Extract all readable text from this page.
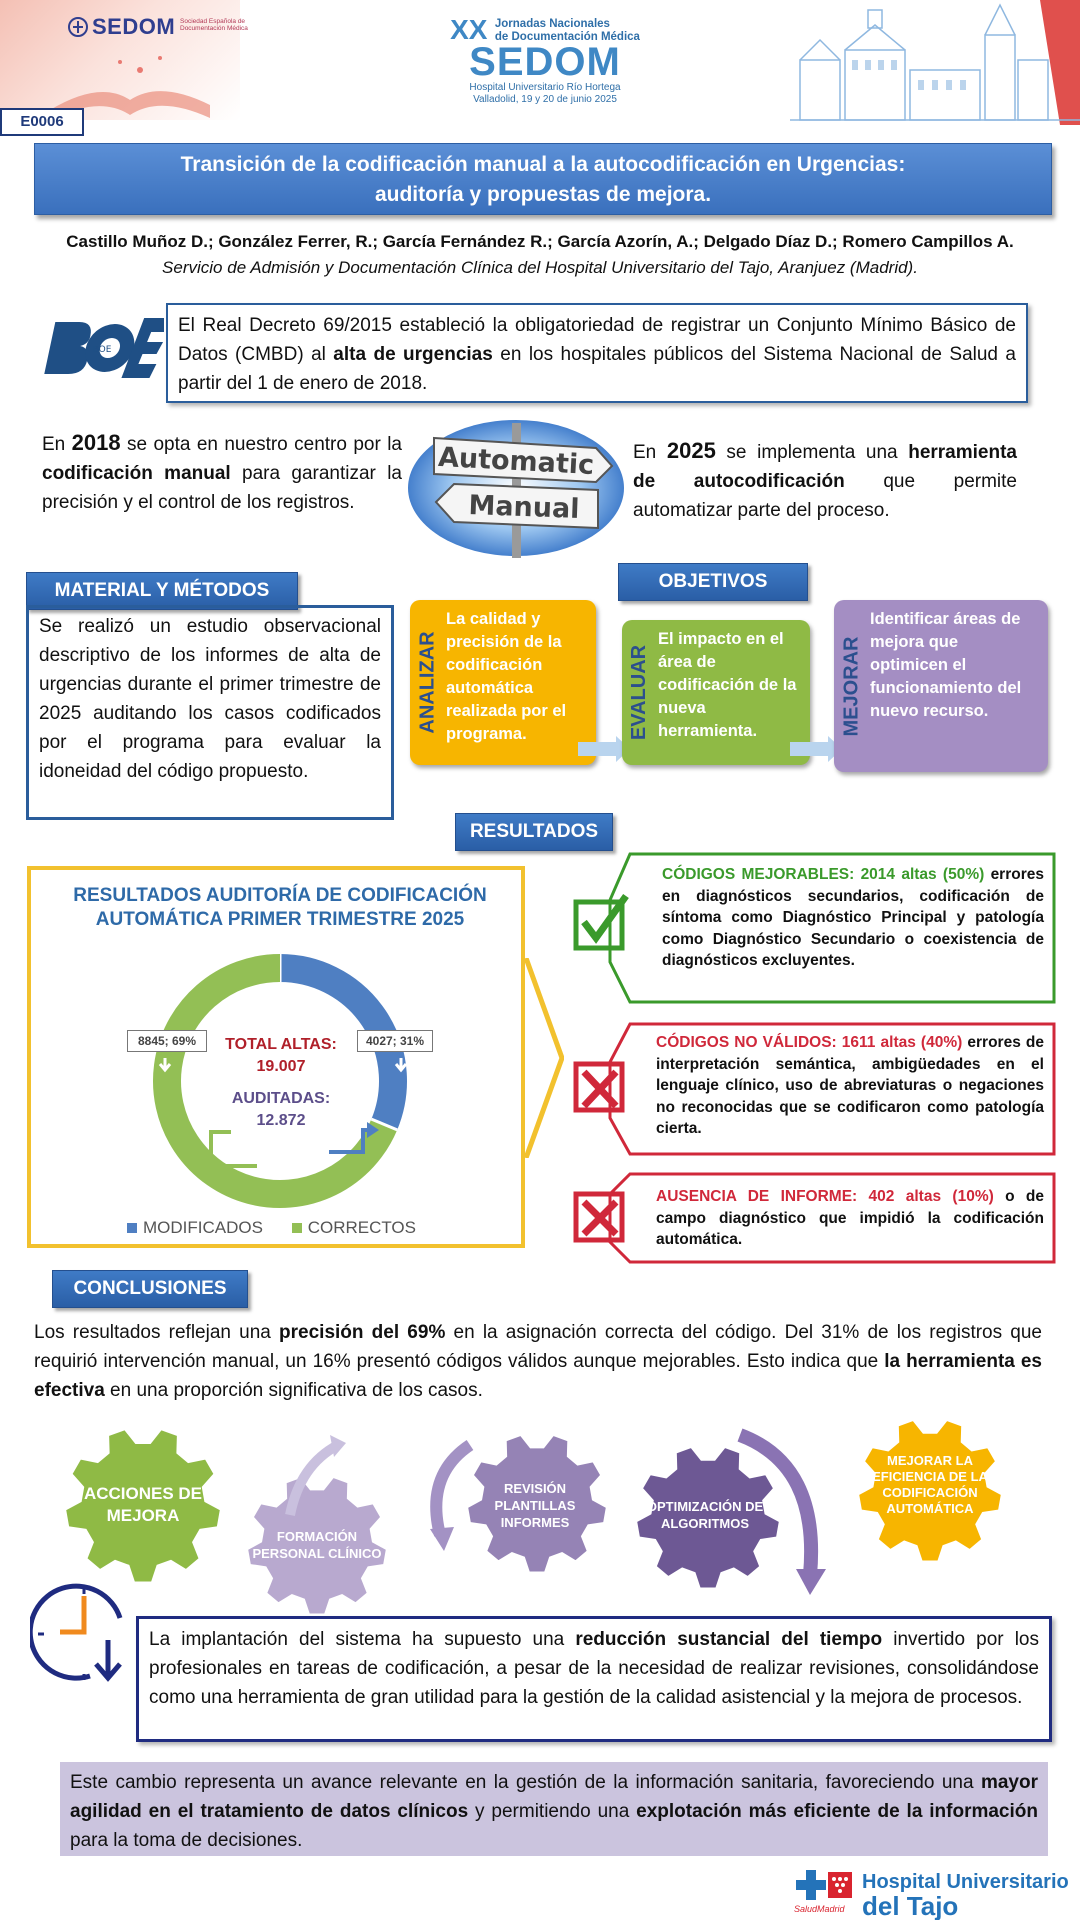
SEDOM Sociedad Española de Documentación Médica	XX Jornadas Nacionales
de Documentación Médica
SEDOM
Hospital Universitario Río Hortega
Valladolid, 19 y 20 de junio 2025
E0006
Transición de la codificación manual a la autocodificación en Urgencias:
auditoría y propuestas de mejora.
Castillo Muñoz D.; González Ferrer, R.; García Fernández R.; García Azorín, A.; Delgado Díaz D.; Romero Campillos A.
Servicio de Admisión y Documentación Clínica del Hospital Universitario del Tajo, Aranjuez (Madrid).
BOE
El Real Decreto 69/2015 estableció la obligatoriedad de registrar un Conjunto Mínimo Básico de Datos (CMBD) al alta de urgencias en los hospitales públicos del Sistema Nacional de Salud a partir del 1 de enero de 2018.
En 2018 se opta en nuestro centro por la codificación manual para garantizar la precisión y el control de los registros.
Automatic
Manual
En 2025 se implementa una herramienta de autocodificación que permite automatizar parte del proceso.
MATERIAL Y MÉTODOS
Se realizó un estudio observacional descriptivo de los informes de alta de urgencias durante el primer trimestre de 2025 auditando los casos codificados por el programa para evaluar la idoneidad del código propuesto.
OBJETIVOS
ANALIZAR
La calidad y precisión de la codificación automática realizada por el programa.	EVALUAR
El impacto en el área de codificación de la nueva herramienta.	MEJORAR
Identificar áreas de mejora que optimicen el funcionamiento del nuevo recurso.
RESULTADOS
RESULTADOS AUDITORÍA DE CODIFICACIÓN
AUTOMÁTICA PRIMER TRIMESTRE 2025
8845; 69%	4027; 31%
TOTAL ALTAS:
19.007
AUDITADAS:
12.872
MODIFICADOS	CORRECTOS
CÓDIGOS MEJORABLES: 2014 altas (50%) errores en diagnósticos secundarios, codificación de síntoma como Diagnóstico Principal y patología como Diagnóstico Secundario o coexistencia de diagnósticos excluyentes.
CÓDIGOS NO VÁLIDOS: 1611 altas (40%) errores de interpretación semántica, ambigüedades en el lenguaje clínico, uso de abreviaturas o negaciones no reconocidas que se codificaron como patología cierta.
AUSENCIA DE INFORME: 402 altas (10%) o de campo diagnóstico que impidió la codificación automática.
CONCLUSIONES
Los resultados reflejan una precisión del 69% en la asignación correcta del código. Del 31% de los registros que requirió intervención manual, un 16% presentó códigos válidos aunque mejorables. Esto indica que la herramienta es efectiva en una proporción significativa de los casos.
ACCIONES DE MEJORA
FORMACIÓN PERSONAL CLÍNICO
REVISIÓN PLANTILLAS INFORMES
OPTIMIZACIÓN DE ALGORITMOS
MEJORAR LA EFICIENCIA DE LA CODIFICACIÓN AUTOMÁTICA
La implantación del sistema ha supuesto una reducción sustancial del tiempo invertido por los profesionales en tareas de codificación, a pesar de la necesidad de realizar revisiones, consolidándose como una herramienta de gran utilidad para la gestión de la calidad asistencial y la mejora de procesos.
Este cambio representa un avance relevante en la gestión de la información sanitaria, favoreciendo una mayor agilidad en el tratamiento de datos clínicos y permitiendo una explotación más eficiente de la información para la toma de decisiones.
SaludMadrid
Hospital Universitario
del Tajo
